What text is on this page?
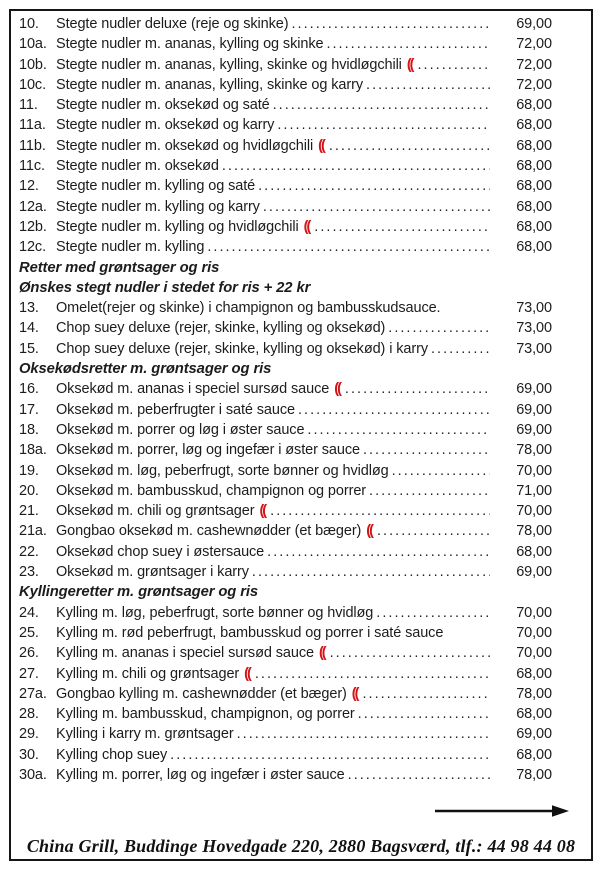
10.	Stegte nudler deluxe (reje og skinke) . . .	69,00
10a. Stegte nudler m. ananas, kylling og skinke . . .	72,00
10b. Stegte nudler m. ananas, kylling, skinke og hvidløgchili (( . . .	72,00
10c. Stegte nudler m. ananas, kylling, skinke og karry . . .	72,00
11.	Stegte nudler m. oksekød og saté . . .	68,00
11a. Stegte nudler m. oksekød og karry . . .	68,00
11b. Stegte nudler m. oksekød og hvidløgchili (( . . .	68,00
11c. Stegte nudler m. oksekød . . .	68,00
12.	Stegte nudler m. kylling og saté . . .	68,00
12a. Stegte nudler m. kylling og karry . . .	68,00
12b. Stegte nudler m. kylling og hvidløgchili (( . . .	68,00
12c. Stegte nudler m. kylling . . .	68,00
Retter med grøntsager og ris
Ønskes stegt nudler i stedet for ris + 22 kr
13.	Omelet(rejer og skinke) i champignon og bambusskudsauce.	73,00
14.	Chop suey deluxe (rejer, skinke, kylling og oksekød) . . .	73,00
15.	Chop suey deluxe (rejer, skinke, kylling og oksekød) i karry . . .	73,00
Oksekødsretter m. grøntsager og ris
16.	Oksekød m. ananas i speciel sursød sauce (( . . .	69,00
17.	Oksekød m. peberfrugter i saté sauce . . .	69,00
18.	Oksekød m. porrer og løg i øster sauce . . .	69,00
18a. Oksekød m. porrer, løg og ingefær i øster sauce . . .	78,00
19.	Oksekød m. løg, peberfrugt, sorte bønner og hvidløg . . .	70,00
20.	Oksekød m. bambusskud, champignon og porrer . . .	71,00
21.	Oksekød m. chili og grøntsager (( . . .	70,00
21a. Gongbao oksekød m. cashewnødder (et bæger) (( . . .	78,00
22.	Oksekød chop suey i østersauce . . .	68,00
23.	Oksekød m. grøntsager i karry . . .	69,00
Kyllingeretter m. grøntsager og ris
24.	Kylling m. løg, peberfrugt, sorte bønner og hvidløg . . .	70,00
25.	Kylling m. rød peberfrugt, bambusskud og porrer i saté sauce	70,00
26.	Kylling m. ananas i speciel sursød sauce (( . . .	70,00
27.	Kylling m. chili og grøntsager (( . . .	68,00
27a. Gongbao kylling m. cashewnødder (et bæger) (( . . .	78,00
28.	Kylling m. bambusskud, champignon, og porrer . . .	68,00
29.	Kylling i karry m. grøntsager . . .	69,00
30.	Kylling chop suey . . .	68,00
30a. Kylling m. porrer, løg og ingefær i øster sauce . . .	78,00
China Grill, Buddinge Hovedgade 220, 2880 Bagsværd, tlf.: 44 98 44 08
